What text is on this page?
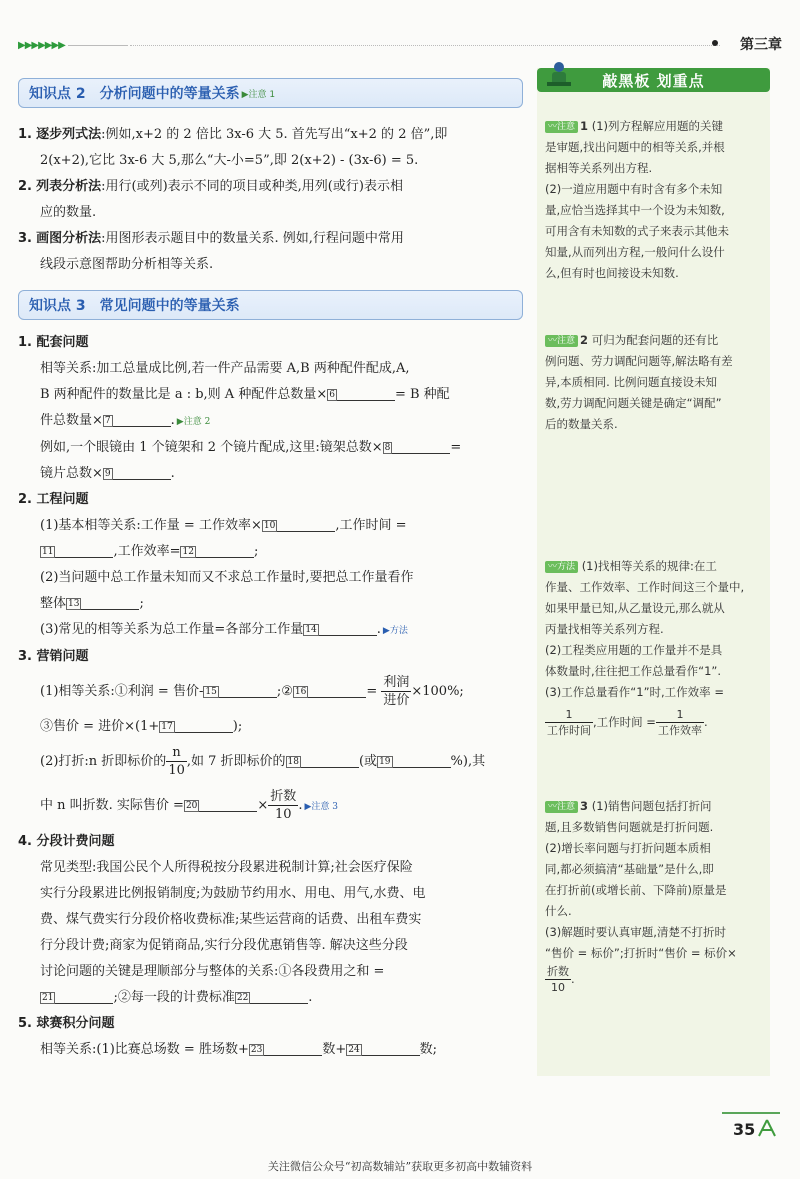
▶▶▶▶▶▶▶	第三章
知识点 2 分析问题中的等量关系 ▶注意 1
1. 逐步列式法:例如,x+2 的 2 倍比 3x-6 大 5. 首先写出“x+2 的 2 倍”,即
2(x+2),它比 3x-6 大 5,那么“大-小=5”,即 2(x+2) - (3x-6) = 5.
2. 列表分析法:用行(或列)表示不同的项目或种类,用列(或行)表示相
应的数量.
3. 画图分析法:用图形表示题目中的数量关系. 例如,行程问题中常用
线段示意图帮助分析相等关系.
知识点 3 常见问题中的等量关系
1. 配套问题
相等关系:加工总量成比例,若一件产品需要 A,B 两种配件配成,A,
B 两种配件的数量比是 a : b,则 A 种配件总数量× 6	= B 种配
件总数量× 7	. ▶注意 2
例如,一个眼镜由 1 个镜架和 2 个镜片配成,这里:镜架总数× 8	=
镜片总数× 9	.
2. 工程问题
(1)基本相等关系:工作量 = 工作效率× 10	,工作时间 =
11	,工作效率= 12	;
(2)当问题中总工作量未知而又不求总工作量时,要把总工作量看作
整体 13	;
(3)常见的相等关系为总工作量=各部分工作量 14	. ▶方法
3. 营销问题
(1)相等关系:①利润 = 售价- 15	;② 16	= $\frac{\text{利润}}{\text{进价}} \times 100\%$;
③售价 = 进价×(1+ 17	);
(2)打折:n 折即标价的 $\frac{n}{10}$ ,如 7 折即标价的 18	(或 19	%),其
中 n 叫折数. 实际售价 = 20	× $\frac{\text{折数}}{10}$ . ▶注意 3
4. 分段计费问题
常见类型:我国公民个人所得税按分段累进税制计算;社会医疗保险
实行分段累进比例报销制度;为鼓励节约用水、用电、用气,水费、电
费、煤气费实行分段价格收费标准;某些运营商的话费、出租车费实
行分段计费;商家为促销商品,实行分段优惠销售等. 解决这些分段
讨论问题的关键是理顺部分与整体的关系:①各段费用之和 =
21	;②每一段的计费标准 22	.
5. 球赛积分问题
相等关系:(1)比赛总场数 = 胜场数+ 23	数+ 24	数;
敲黑板 划重点
〰注意 1 (1)列方程解应用题的关键
是审题,找出问题中的相等关系,并根
据相等关系列出方程.
(2)一道应用题中有时含有多个未知
量,应恰当选择其中一个设为未知数,
可用含有未知数的式子来表示其他未
知量,从而列出方程,一般问什么设什
么,但有时也间接设未知数.
〰注意 2 可归为配套问题的还有比
例问题、劳力调配问题等,解法略有差
异,本质相同. 比例问题直接设未知
数,劳力调配问题关键是确定“调配”
后的数量关系.
〰方法 (1)找相等关系的规律:在工
作量、工作效率、工作时间这三个量中,
如果甲量已知,从乙量设元,那么就从
丙量找相等关系列方程.
(2)工程类应用题的工作量并不是具
体数量时,往往把工作总量看作“1”.
(3)工作总量看作“1”时,工作效率 =

$\frac{1}{\text{工作时间}}$ ,工作时间 = $\frac{1}{\text{工作效率}}$ .
〰注意 3 (1)销售问题包括打折问
题,且多数销售问题就是打折问题.
(2)增长率问题与打折问题本质相
同,都必须搞清“基础量”是什么,即
在打折前(或增长前、下降前)原量是
什么.
(3)解题时要认真审题,清楚不打折时
“售价 = 标价”;打折时“售价 = 标价×

$\frac{\text{折数}}{10}$ .
35
关注微信公众号“初高数辅站”获取更多初高中数辅资料
